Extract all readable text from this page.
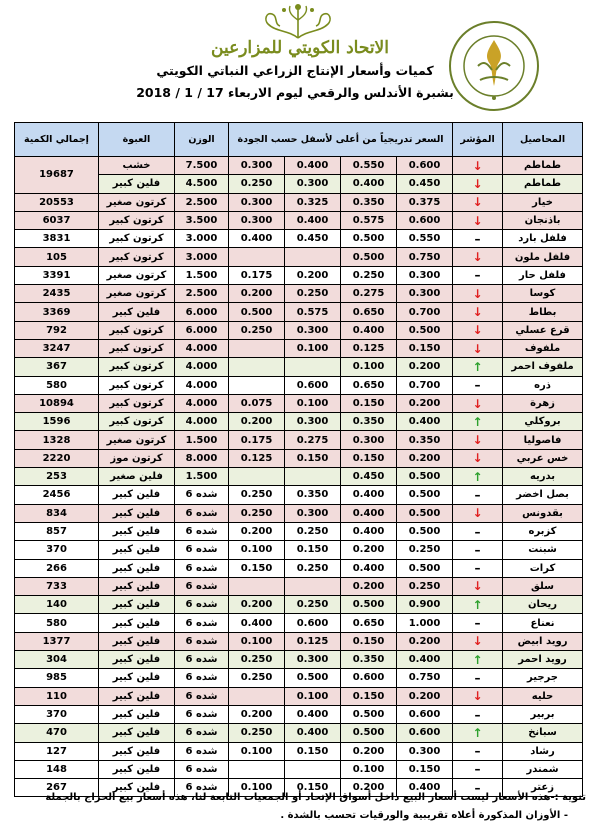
الاتحاد الكويتي للمزارعين
كميات وأسعار الإنتاج الزراعي النباتي الكويتي
بشبرة الأندلس والرقعي ليوم الاربعاء 17 / 1 / 2018
المحاصيل	المؤشر	السعر تدريجياً من أعلى لأسفل حسب الجودة				الوزن	العبوة	إجمالي الكمية
طماطم	↓	0.600	0.550	0.400	0.300	7.500	خشب	19687
طماطم	↓	0.450	0.400	0.300	0.250	4.500	فلين كبير	
خيار	↓	0.375	0.350	0.325	0.300	2.500	كرتون صغير	20553
باذنجان	↓	0.600	0.575	0.400	0.300	3.500	كرتون كبير	6037
فلفل بارد	–	0.550	0.500	0.450	0.400	3.000	كرتون كبير	3831
فلفل ملون	↓	0.750	0.500			3.000	كرتون كبير	105
فلفل حار	–	0.300	0.250	0.200	0.175	1.500	كرتون صغير	3391
كوسا	↓	0.300	0.275	0.250	0.200	2.500	كرتون صغير	2435
بطاط	↓	0.700	0.650	0.575	0.500	6.000	فلين كبير	3369
قرع عسلي	↓	0.500	0.400	0.300	0.250	6.000	كرتون كبير	792
ملفوف	↓	0.150	0.125	0.100		4.000	كرتون كبير	3247
ملفوف احمر	↑	0.200	0.100			4.000	كرتون كبير	367
ذره	–	0.700	0.650	0.600		4.000	كرتون كبير	580
زهرة	↓	0.200	0.150	0.100	0.075	4.000	كرتون كبير	10894
بروكلي	↑	0.400	0.350	0.300	0.200	4.000	كرتون كبير	1596
فاصوليا	↓	0.350	0.300	0.275	0.175	1.500	كرتون صغير	1328
خس عربي	↓	0.200	0.150	0.150	0.125	8.000	كرتون موز	2220
بدريه	↑	0.500	0.450			1.500	فلين صغير	253
بصل اخضر	–	0.500	0.400	0.350	0.250	6 شده	فلين كبير	2456
بقدونس	↓	0.500	0.400	0.300	0.250	6 شده	فلين كبير	834
كزبره	–	0.500	0.400	0.250	0.200	6 شده	فلين كبير	857
شبنت	–	0.250	0.200	0.150	0.100	6 شده	فلين كبير	370
كرات	–	0.500	0.400	0.250	0.150	6 شده	فلين كبير	266
سلق	↓	0.250	0.200			6 شده	فلين كبير	733
ريحان	↑	0.900	0.500	0.250	0.200	6 شده	فلين كبير	140
نعناع	–	1.000	0.650	0.600	0.400	6 شده	فلين كبير	580
رويد ابيض	↓	0.200	0.150	0.125	0.100	6 شده	فلين كبير	1377
رويد احمر	↑	0.400	0.350	0.300	0.250	6 شده	فلين كبير	304
جرجير	–	0.750	0.600	0.500	0.250	6 شده	فلين كبير	985
حليه	↓	0.200	0.150	0.100		6 شده	فلين كبير	110
بربير	–	0.600	0.500	0.400	0.200	6 شده	فلين كبير	370
سبانخ	↑	0.600	0.500	0.400	0.250	6 شده	فلين كبير	470
رشاد	–	0.300	0.200	0.150	0.100	6 شده	فلين كبير	127
شمندر	–	0.150	0.100			6 شده	فلين كبير	148
زعتر	–	0.400	0.200	0.150	0.100	6 شده	فلين كبير	267
تنوية :-هذه الأسعار ليست أسعار البيع داخل أسواق الإتحاد أو الجمعيات التابعة لنا، هذه أسعار بيع الحراج بالجملة
- الأوزان المذكورة أعلاه تقريبية والورقيات تحسب بالشدة .
